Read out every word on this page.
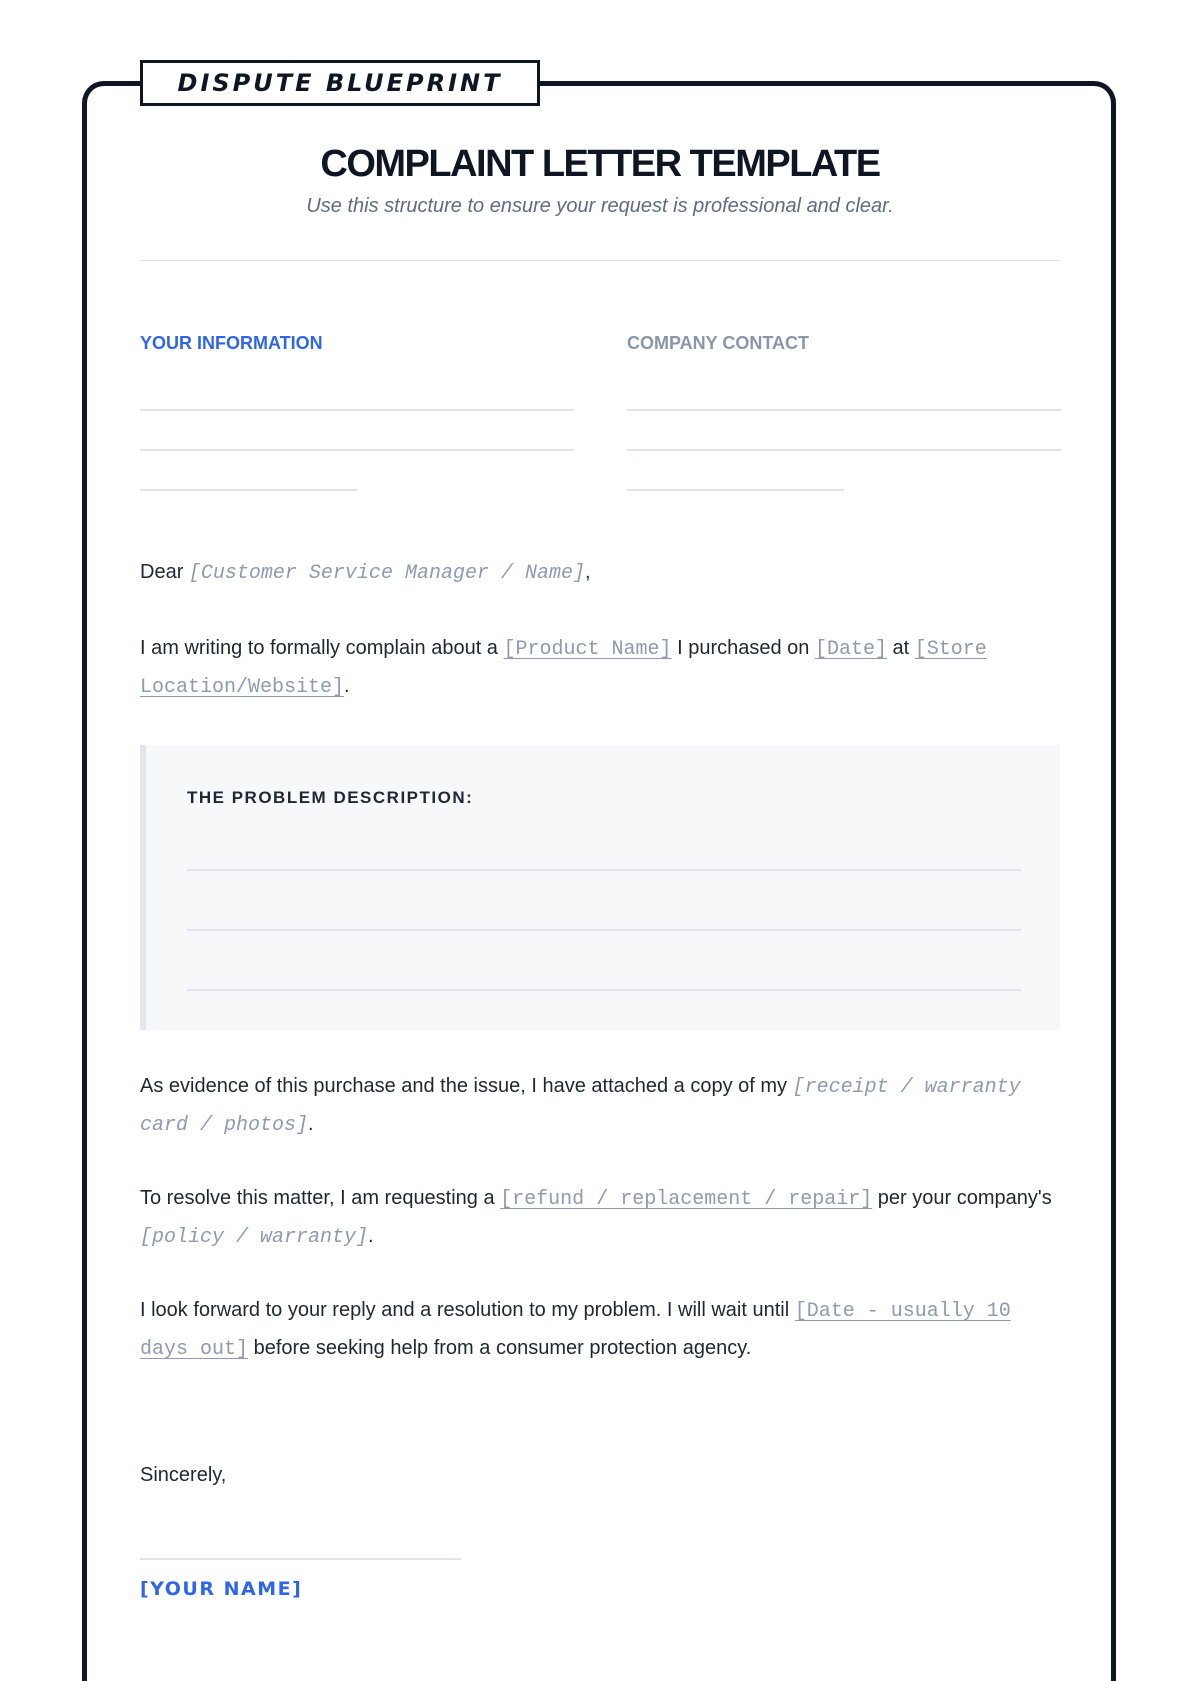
DISPUTE BLUEPRINT
COMPLAINT LETTER TEMPLATE
Use this structure to ensure your request is professional and clear.
YOUR INFORMATION	COMPANY CONTACT
Dear [Customer Service Manager / Name],
I am writing to formally complain about a [Product Name] I purchased on [Date] at [Store Location/Website].
THE PROBLEM DESCRIPTION:
As evidence of this purchase and the issue, I have attached a copy of my [receipt / warranty card / photos].
To resolve this matter, I am requesting a [refund / replacement / repair] per your company's [policy / warranty].
I look forward to your reply and a resolution to my problem. I will wait until [Date - usually 10 days out] before seeking help from a consumer protection agency.
Sincerely,
[YOUR NAME]
